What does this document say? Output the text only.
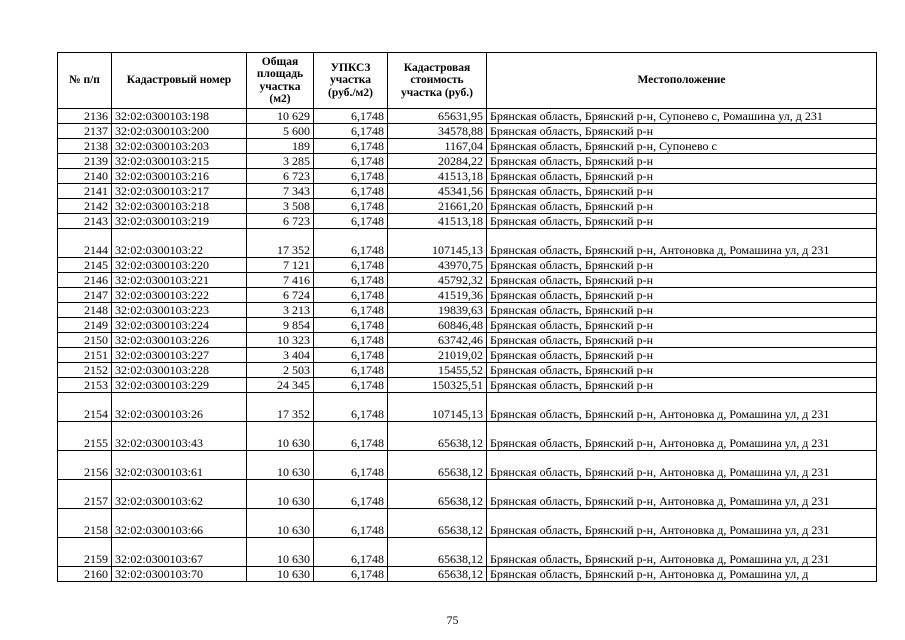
№ п/п	Кадастровый номер	Общая площадь участка (м2)	УПКСЗ участка (руб./м2)	Кадастровая стоимость участка (руб.)	Местоположение
2136	32:02:0300103:198	10 629	6,1748	65631,95	Брянская область, Брянский р-н, Супонево с, Ромашина ул, д 231
2137	32:02:0300103:200	5 600	6,1748	34578,88	Брянская область, Брянский р-н
2138	32:02:0300103:203	189	6,1748	1167,04	Брянская область, Брянский р-н, Супонево с
2139	32:02:0300103:215	3 285	6,1748	20284,22	Брянская область, Брянский р-н
2140	32:02:0300103:216	6 723	6,1748	41513,18	Брянская область, Брянский р-н
2141	32:02:0300103:217	7 343	6,1748	45341,56	Брянская область, Брянский р-н
2142	32:02:0300103:218	3 508	6,1748	21661,20	Брянская область, Брянский р-н
2143	32:02:0300103:219	6 723	6,1748	41513,18	Брянская область, Брянский р-н
2144	32:02:0300103:22	17 352	6,1748	107145,13	Брянская область, Брянский р-н, Антоновка д, Ромашина ул, д 231
2145	32:02:0300103:220	7 121	6,1748	43970,75	Брянская область, Брянский р-н
2146	32:02:0300103:221	7 416	6,1748	45792,32	Брянская область, Брянский р-н
2147	32:02:0300103:222	6 724	6,1748	41519,36	Брянская область, Брянский р-н
2148	32:02:0300103:223	3 213	6,1748	19839,63	Брянская область, Брянский р-н
2149	32:02:0300103:224	9 854	6,1748	60846,48	Брянская область, Брянский р-н
2150	32:02:0300103:226	10 323	6,1748	63742,46	Брянская область, Брянский р-н
2151	32:02:0300103:227	3 404	6,1748	21019,02	Брянская область, Брянский р-н
2152	32:02:0300103:228	2 503	6,1748	15455,52	Брянская область, Брянский р-н
2153	32:02:0300103:229	24 345	6,1748	150325,51	Брянская область, Брянский р-н
2154	32:02:0300103:26	17 352	6,1748	107145,13	Брянская область, Брянский р-н, Антоновка д, Ромашина ул, д 231
2155	32:02:0300103:43	10 630	6,1748	65638,12	Брянская область, Брянский р-н, Антоновка д, Ромашина ул, д 231
2156	32:02:0300103:61	10 630	6,1748	65638,12	Брянская область, Брянский р-н, Антоновка д, Ромашина ул, д 231
2157	32:02:0300103:62	10 630	6,1748	65638,12	Брянская область, Брянский р-н, Антоновка д, Ромашина ул, д 231
2158	32:02:0300103:66	10 630	6,1748	65638,12	Брянская область, Брянский р-н, Антоновка д, Ромашина ул, д 231
2159	32:02:0300103:67	10 630	6,1748	65638,12	Брянская область, Брянский р-н, Антоновка д, Ромашина ул, д 231
2160	32:02:0300103:70	10 630	6,1748	65638,12	Брянская область, Брянский р-н, Антоновка д, Ромашина ул, д
75
